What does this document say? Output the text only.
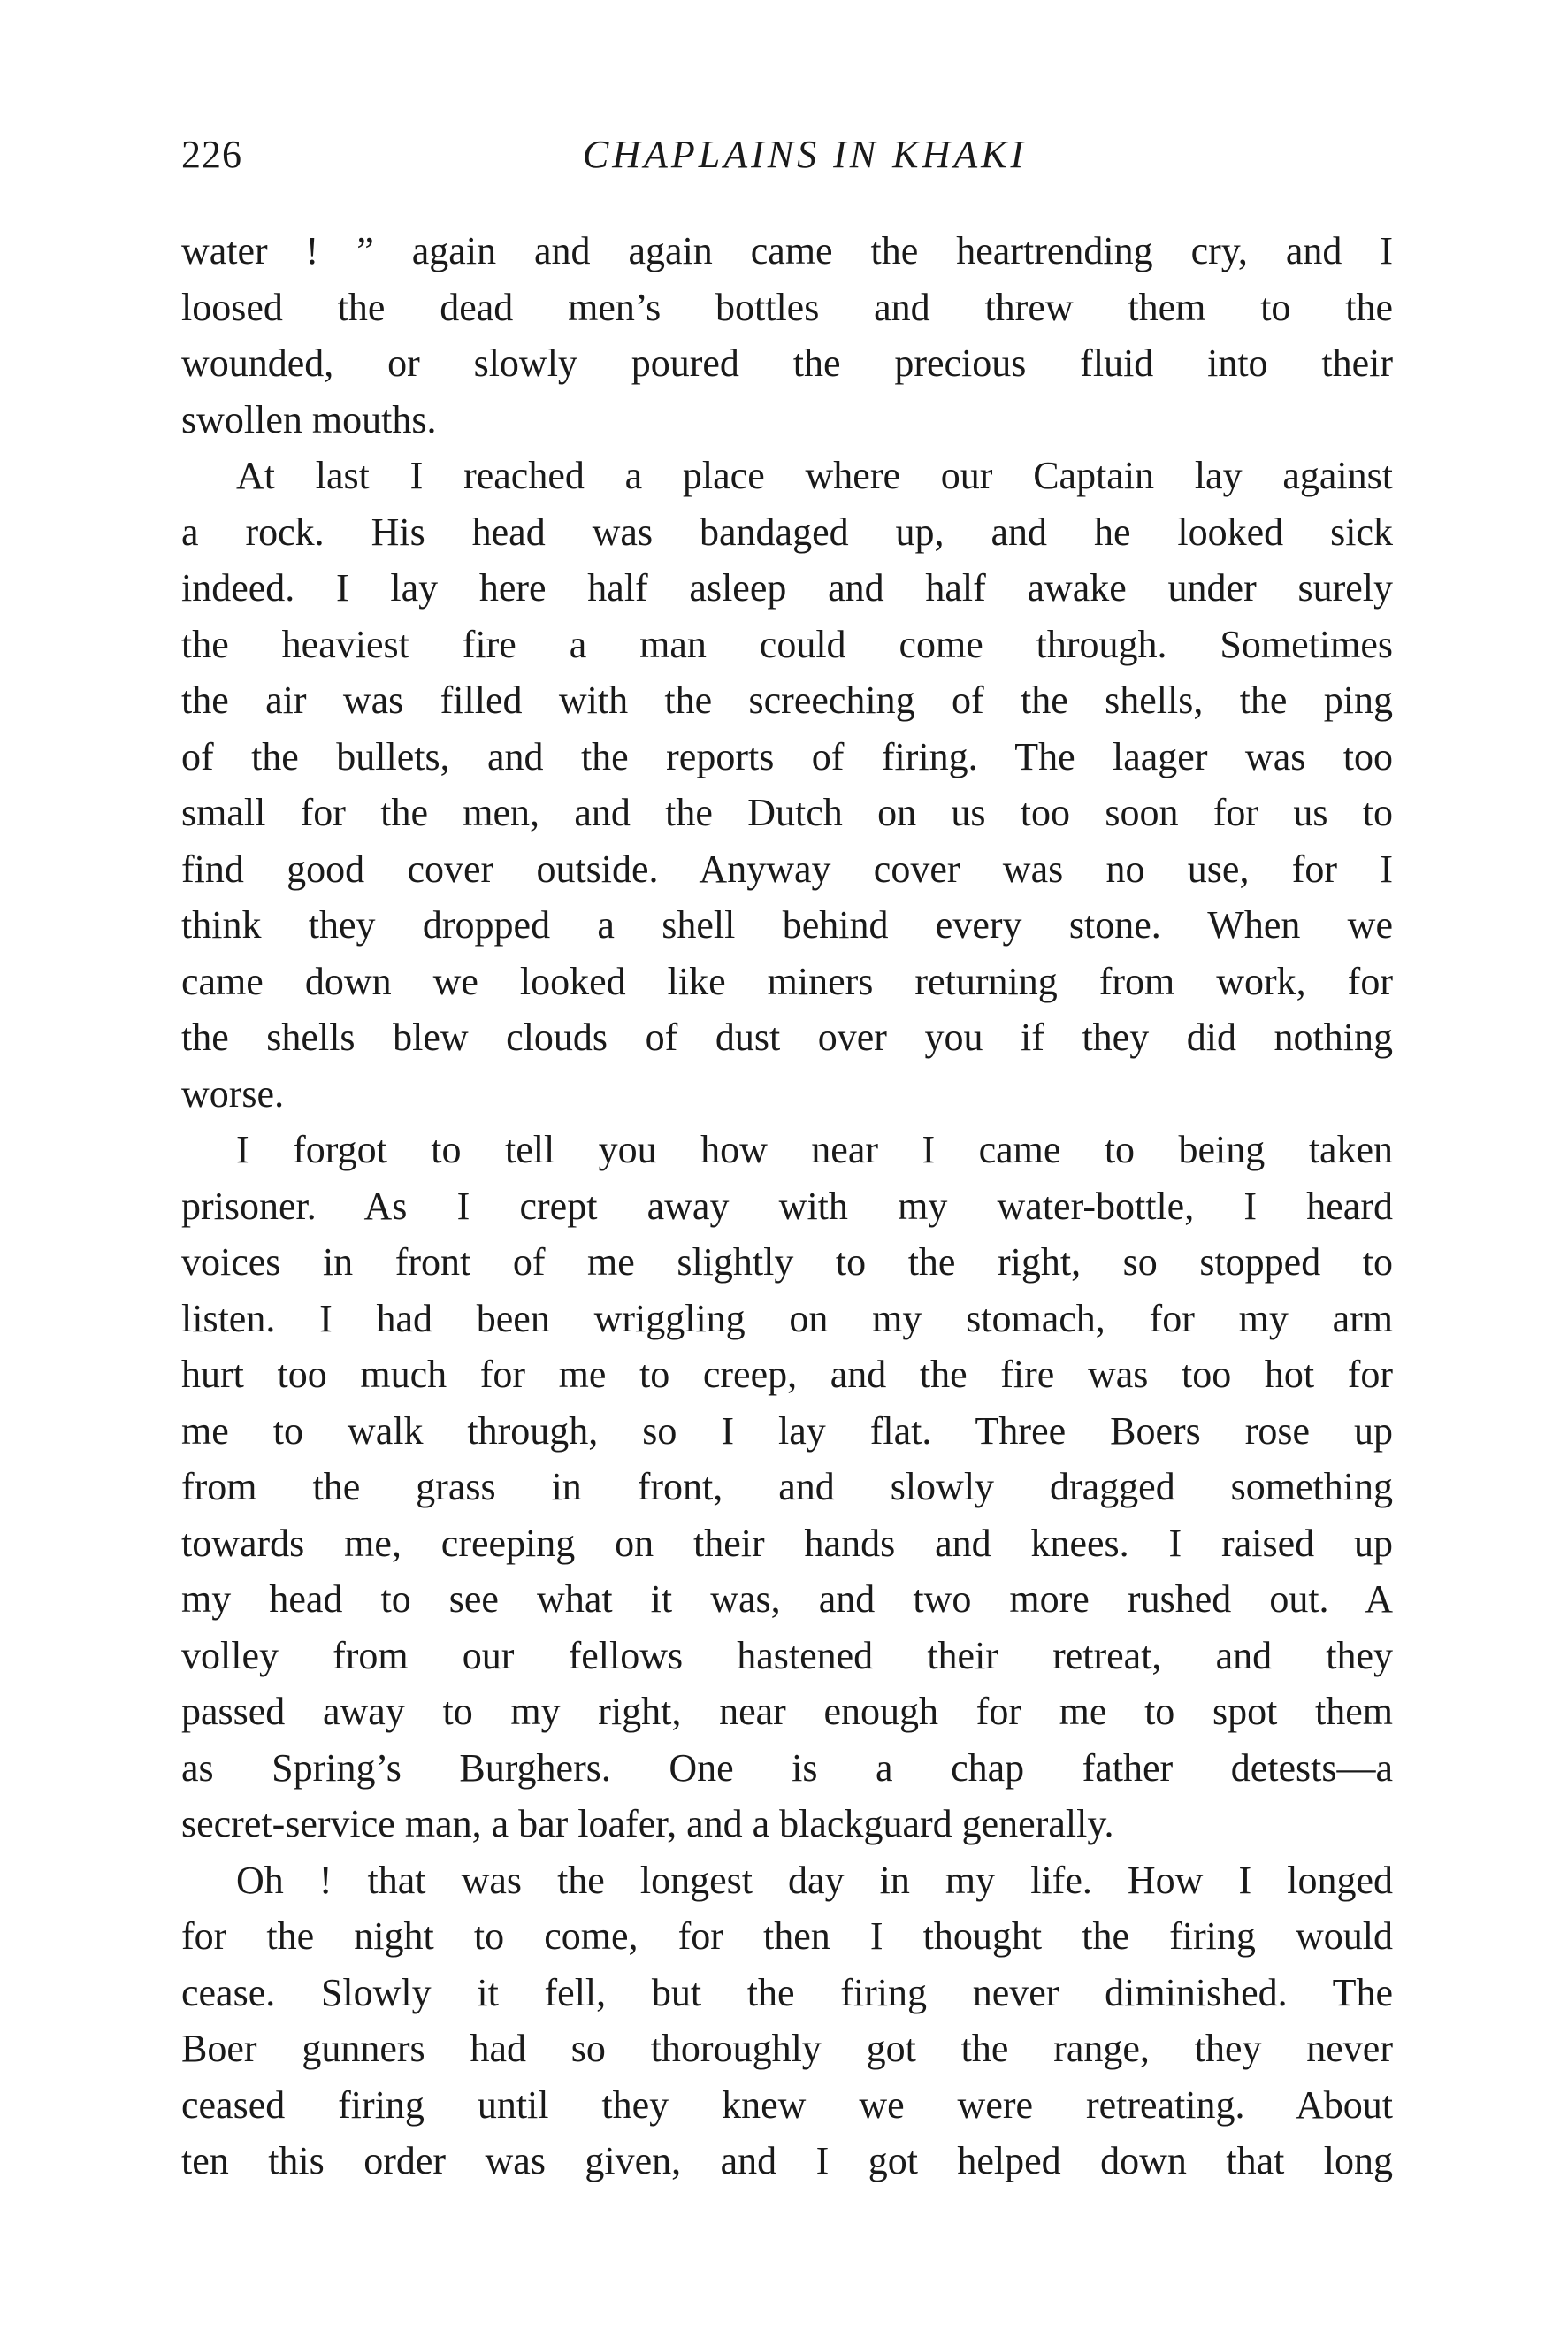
226	CHAPLAINS IN KHAKI
water ! ” again and again came the heartrending cry, and I
loosed the dead men’s bottles and threw them to the
wounded, or slowly poured the precious fluid into their
swollen mouths.
At last I reached a place where our Captain lay against
a rock. His head was bandaged up, and he looked sick
indeed. I lay here half asleep and half awake under surely
the heaviest fire a man could come through. Sometimes
the air was filled with the screeching of the shells, the ping
of the bullets, and the reports of firing. The laager was too
small for the men, and the Dutch on us too soon for us to
find good cover outside. Anyway cover was no use, for I
think they dropped a shell behind every stone. When we
came down we looked like miners returning from work, for
the shells blew clouds of dust over you if they did nothing
worse.
I forgot to tell you how near I came to being taken
prisoner. As I crept away with my water-bottle, I heard
voices in front of me slightly to the right, so stopped to
listen. I had been wriggling on my stomach, for my arm
hurt too much for me to creep, and the fire was too hot for
me to walk through, so I lay flat. Three Boers rose up
from the grass in front, and slowly dragged something
towards me, creeping on their hands and knees. I raised up
my head to see what it was, and two more rushed out. A
volley from our fellows hastened their retreat, and they
passed away to my right, near enough for me to spot them
as Spring’s Burghers. One is a chap father detests—a
secret-service man, a bar loafer, and a blackguard generally.
Oh ! that was the longest day in my life. How I longed
for the night to come, for then I thought the firing would
cease. Slowly it fell, but the firing never diminished. The
Boer gunners had so thoroughly got the range, they never
ceased firing until they knew we were retreating. About
ten this order was given, and I got helped down that long
